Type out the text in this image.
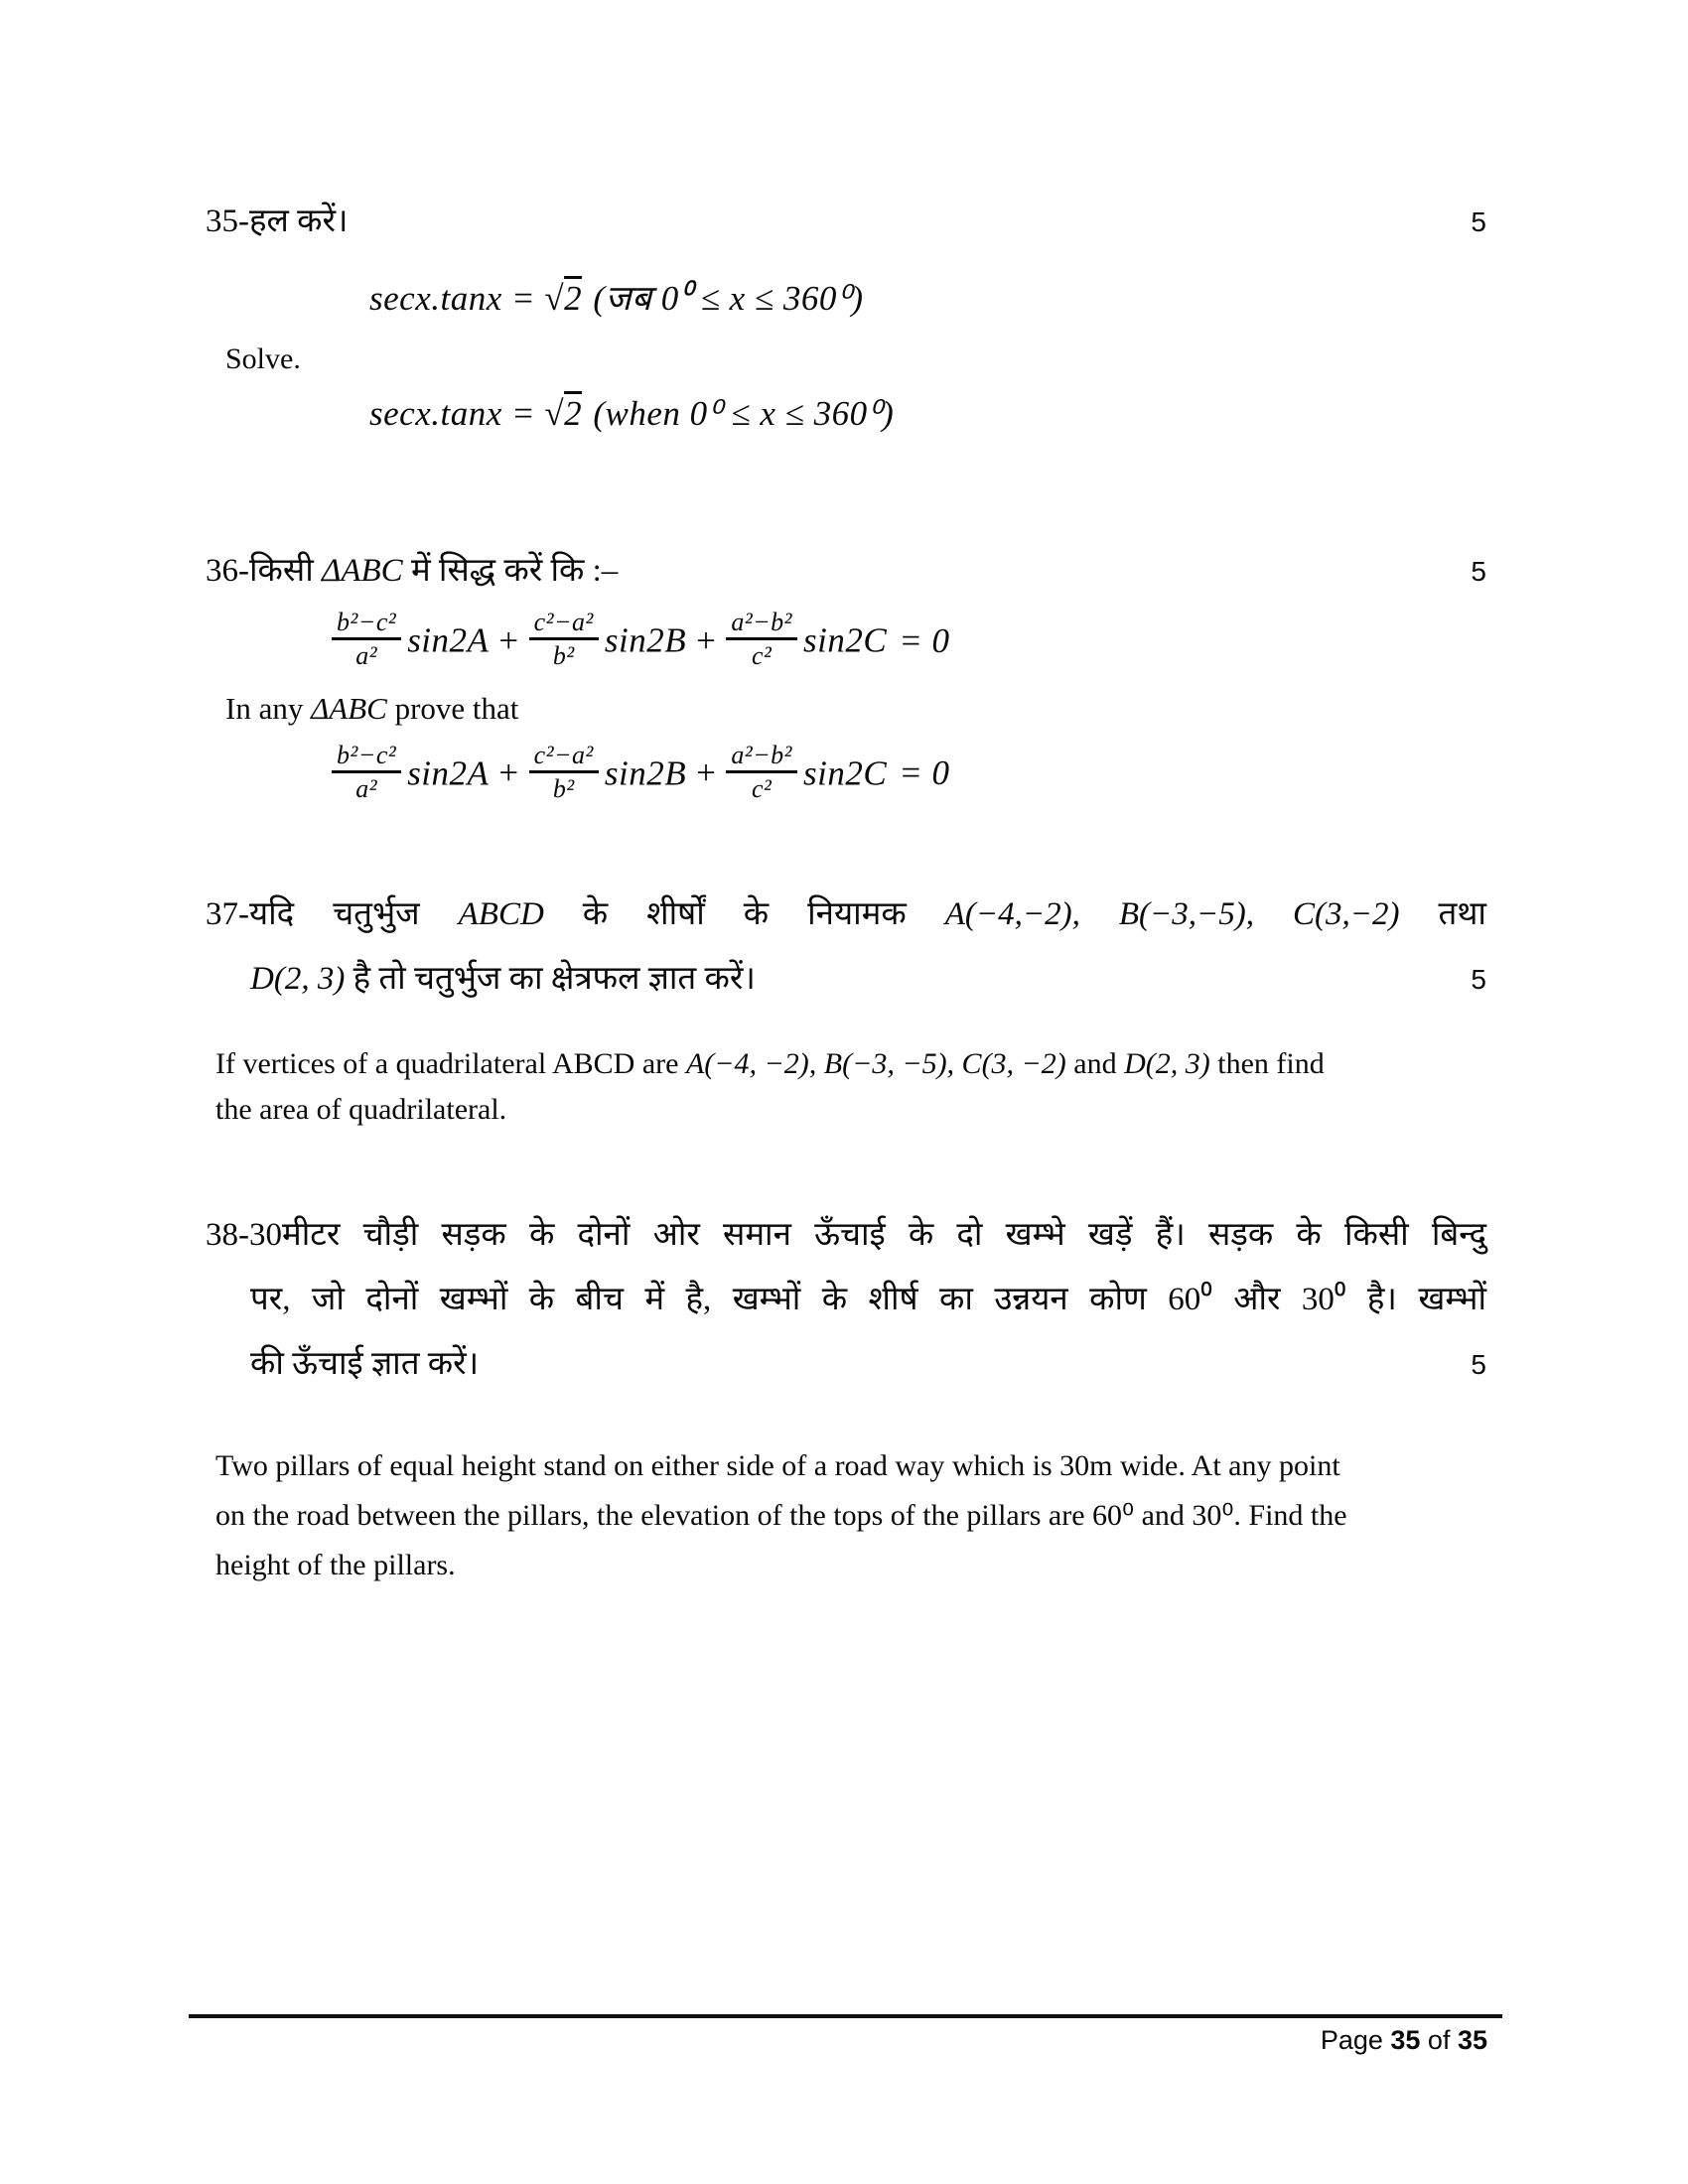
35-हल करें।	5
secx.tanx = √2 (जब 0⁰ ≤ x ≤ 360⁰)
Solve.
secx.tanx = √2 (when 0⁰ ≤ x ≤ 360⁰)
36-किसी ΔABC में सिद्ध करें कि :–	5
$\frac{\text{b²−c²}}{\text{a²}} \sin 2A + \frac{\text{c²−a²}}{\text{b²}} \sin 2B + \frac{\text{a²−b²}}{\text{c²}} \sin 2C = 0$
In any ΔABC prove that
$\frac{\text{b²−c²}}{\text{a²}} \sin 2A + \frac{\text{c²−a²}}{\text{b²}} \sin 2B + \frac{\text{a²−b²}}{\text{c²}} \sin 2C = 0$
37-यदि चतुर्भुज ABCD के शीर्षों के नियामक A(−4,−2), B(−3,−5), C(3,−2) तथा
D(2, 3) है तो चतुर्भुज का क्षेत्रफल ज्ञात करें।	5
If vertices of a quadrilateral ABCD are A(−4, −2), B(−3, −5), C(3, −2) and D(2, 3) then find
the area of quadrilateral.
38-30मीटर चौड़ी सड़क के दोनों ओर समान ऊँचाई के दो खम्भे खड़ें हैं। सड़क के किसी बिन्दु
पर, जो दोनों खम्भों के बीच में है, खम्भों के शीर्ष का उन्नयन कोण 60⁰ और 30⁰ है। खम्भों
की ऊँचाई ज्ञात करें।	5
Two pillars of equal height stand on either side of a road way which is 30m wide. At any point
on the road between the pillars, the elevation of the tops of the pillars are 60⁰ and 30⁰. Find the
height of the pillars.
Page 35 of 35
